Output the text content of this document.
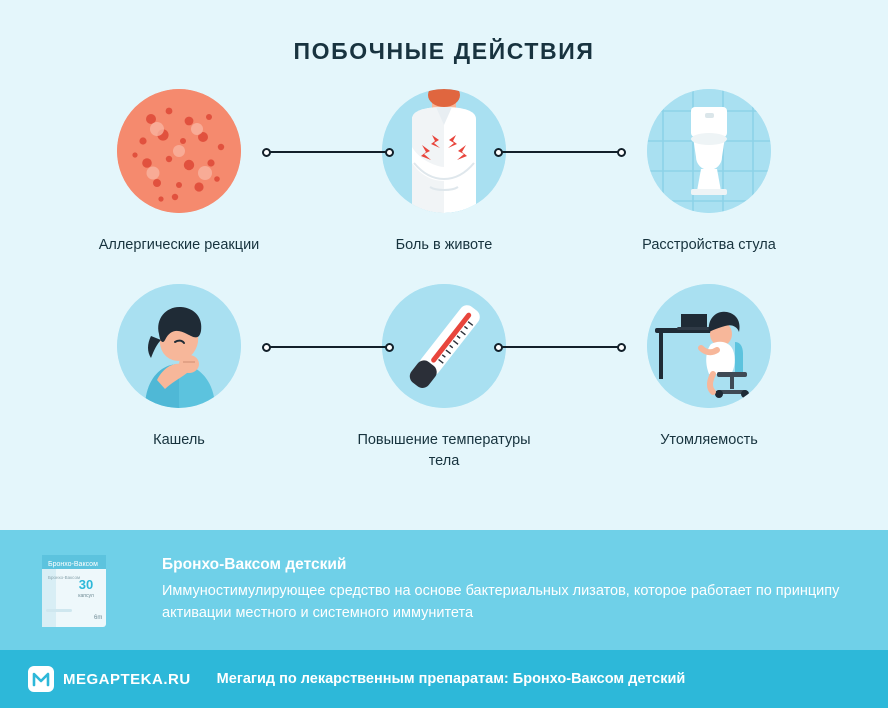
ПОБОЧНЫЕ ДЕЙСТВИЯ
Аллергические реакции	Боль в животе	Расстройства стула
Кашель	Повышение температуры тела
Утомляемость
Бронхо-Ваксом
30
капсул
Бронхо-Ваксом
6m
Бронхо-Ваксом детский
Иммуностимулирующее средство на основе бактериальных лизатов, которое работает по принципу активации местного и системного иммунитета
MEGAPTEKA.RU Мегагид по лекарственным препаратам: Бронхо-Ваксом детский
